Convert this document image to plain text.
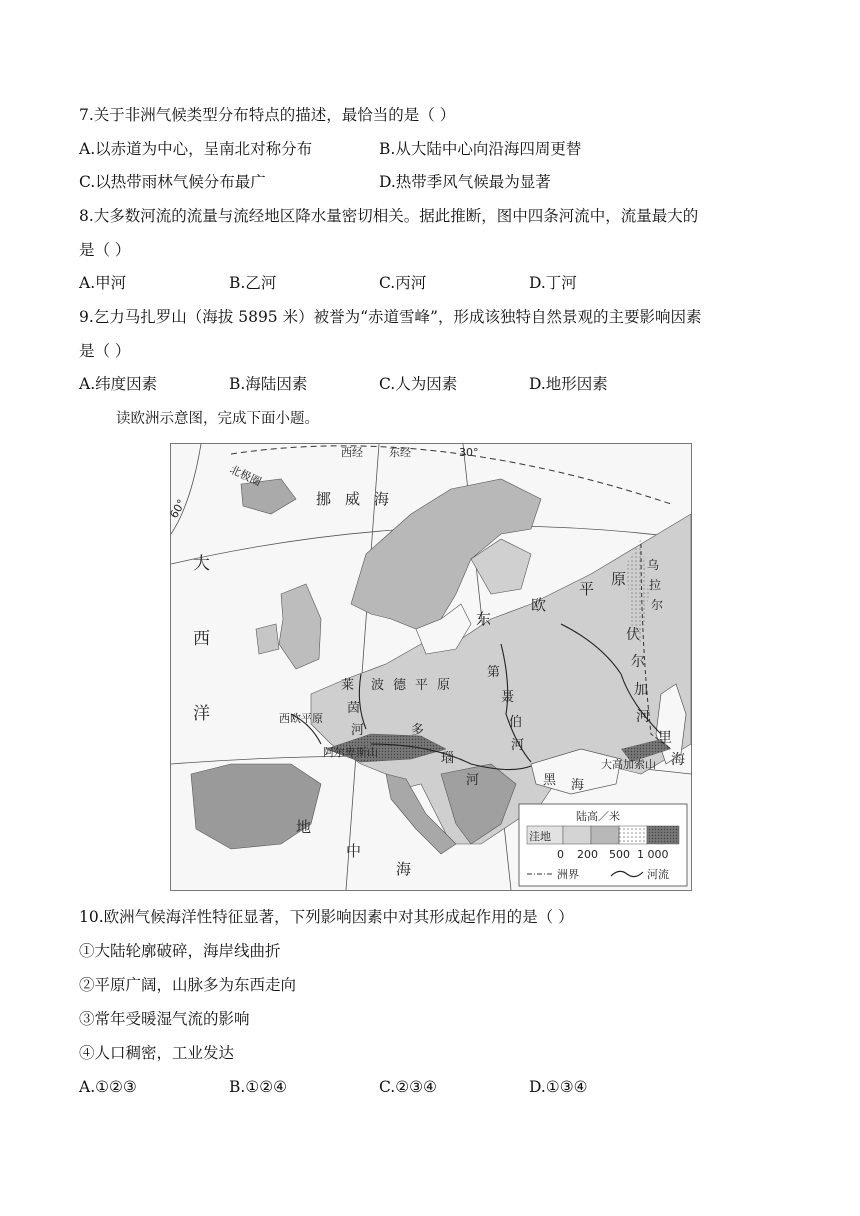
7.关于非洲气候类型分布特点的描述，最恰当的是（ ）
A.以赤道为中心，呈南北对称分布	B.从大陆中心向沿海四周更替
C.以热带雨林气候分布最广	D.热带季风气候最为显著
8.大多数河流的流量与流经地区降水量密切相关。据此推断，图中四条河流中，流量最大的
是（ ）
A.甲河	B.乙河	C.丙河	D.丁河
9.乞力马扎罗山（海拔 5895 米）被誉为“赤道雪峰”，形成该独特自然景观的主要影响因素
是（ ）
A.纬度因素	B.海陆因素	C.人为因素	D.地形因素
读欧洲示意图，完成下面小题。
西经 东经	30°
60°
北极圈
挪威海
大
西
洋
东
欧
平
原
第
聂
伯
河
伏
尔
加
河
里
海
黑 海
大高加索山
莱
茵
河
波 德 平 原
西欧平原
阿尔卑斯山
多
瑙
河
地
中
海
乌
拉
尔
陆高／米
洼地
0 200 500 1 000
洲界	河流
10.欧洲气候海洋性特征显著，下列影响因素中对其形成起作用的是（ ）
①大陆轮廓破碎，海岸线曲折
②平原广阔，山脉多为东西走向
③常年受暖湿气流的影响
④人口稠密，工业发达
A.①②③	B.①②④	C.②③④	D.①③④
